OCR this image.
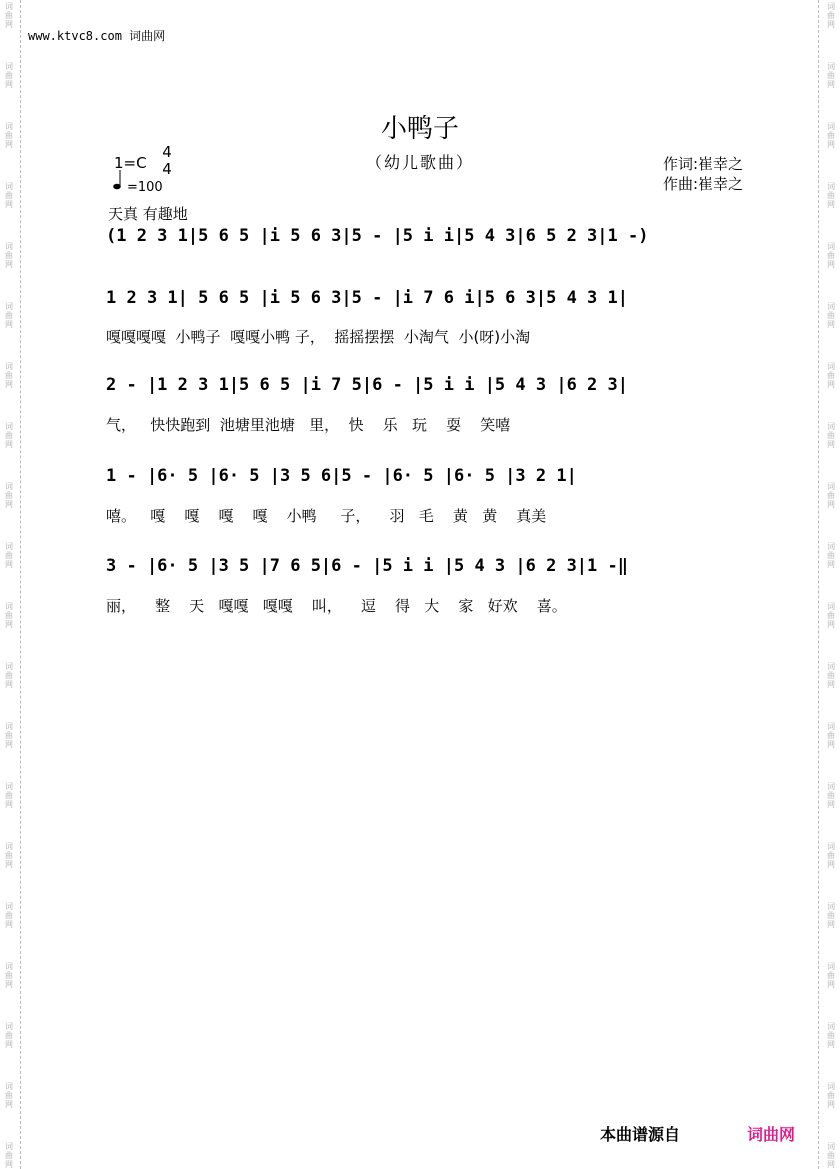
词
曲
网
词
曲
网
词
曲
网
词
曲
网
词
曲
网
词
曲
网
词
曲
网
词
曲
网
词
曲
网
词
曲
网
词
曲
网
词
曲
网
词
曲
网
词
曲
网
词
曲
网
词
曲
网
词
曲
网
词
曲
网
词
曲
网
词
曲
网
词
曲
网
词
曲
网
词
曲
网
词
曲
网
词
曲
网
词
曲
网
词
曲
网
词
曲
网
词
曲
网
词
曲
网
词
曲
网
词
曲
网
词
曲
网
词
曲
网
词
曲
网
词
曲
网
词
曲
网
词
曲
网
词
曲
网
词
曲
网
www.ktvc8.com 词曲网
小鸭子
（幼儿歌曲）
1=C
4
4
=100
作词:崔幸之
作曲:崔幸之
天真 有趣地
(1 2 3 1|5 6 5 |i 5 6 3|5 - |5 i i|5 4 3|6 5 2 3|1 -)
1 2 3 1| 5 6 5 |i 5 6 3|5 - |i 7 6 i|5 6 3|5 4 3 1|
嘎嘎嘎嘎  小鸭子  嘎嘎小鸭 子，  摇摇摆摆  小淘气  小(呀)小淘
2 - |1 2 3 1|5 6 5 |i 7 5|6 - |5 i i |5 4 3 |6 2 3|
气，   快快跑到  池塘里池塘   里，  快    乐   玩    耍    笑嘻
1 - |6· 5 |6· 5 |3 5 6|5 - |6· 5 |6· 5 |3 2 1|
嘻。   嘎    嘎    嘎    嘎    小鸭     子，    羽   毛    黄   黄    真美
3 - |6· 5 |3 5 |7 6 5|6 - |5 i i |5 4 3 |6 2 3|1 -‖
丽，    整    天   嘎嘎   嘎嘎    叫，    逗    得   大    家   好欢    喜。
本曲谱源自	词曲网
